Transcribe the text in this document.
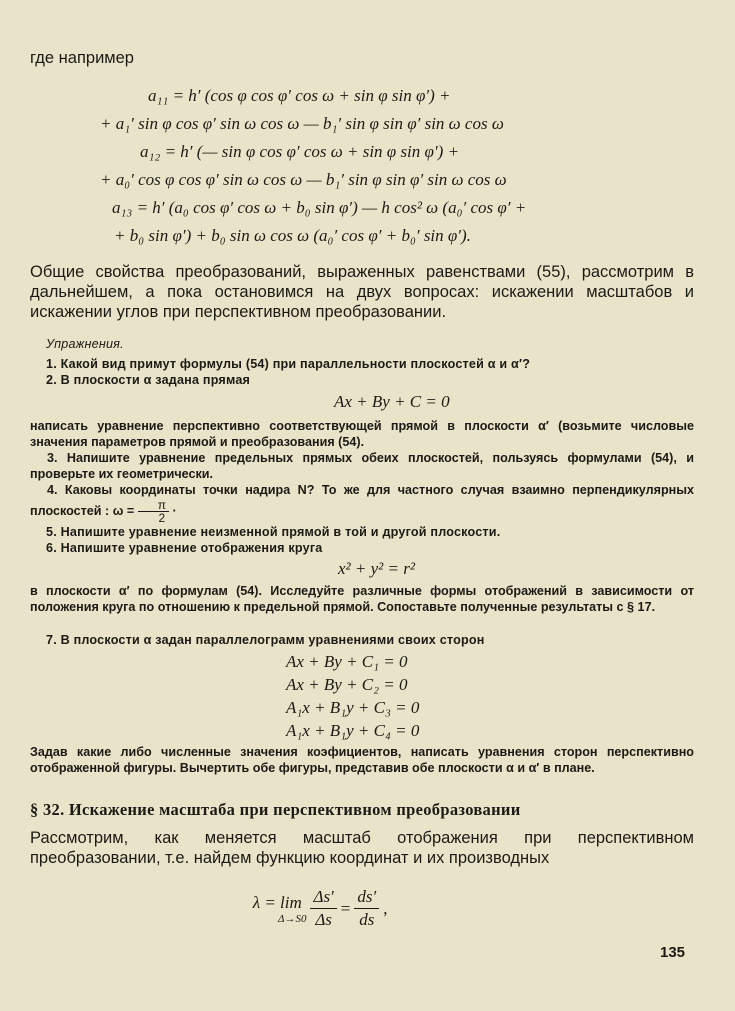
где например
a₁₁ = h′ (cos φ cos φ′ cos ω + sin φ sin φ′) +
+ a₁′ sin φ cos φ′ sin ω cos ω — b₁′ sin φ sin φ′ sin ω cos ω
a₁₂ = h′ (— sin φ cos φ′ cos ω + sin φ sin φ′) +
+ a₀′ cos φ cos φ′ sin ω cos ω — b₁′ sin φ sin φ′ sin ω cos ω
a₁₃ = h′ (a₀ cos φ′ cos ω + b₀ sin φ′) — h cos² ω (a₀′ cos φ′ +
+ b₀ sin φ′) + b₀ sin ω cos ω (a₀′ cos φ′ + b₀′ sin φ′).
Общие свойства преобразований, выраженных равенствами (55), рассмотрим в дальнейшем, а пока остановимся на двух вопросах: искажении масштабов и искажении углов при перспективном преобразовании.
Упражнения.
1. Какой вид примут формулы (54) при параллельности плоскостей α и α′?
2. В плоскости α задана прямая
Ax + By + C = 0
написать уравнение перспективно соответствующей прямой в плоскости α′ (возьмите числовые значения параметров прямой и преобразования (54).
3. Напишите уравнение предельных прямых обеих плоскостей, пользуясь формулами (54), и проверьте их геометрически.
4. Каковы координаты точки надира N? То же для частного случая взаимно перпендикулярных плоскостей : $\omega = \frac{\pi}{2}$ ·
5. Напишите уравнение неизменной прямой в той и другой плоскости.
6. Напишите уравнение отображения круга
x² + y² = r²
в плоскости α′ по формулам (54). Исследуйте различные формы отображений в зависимости от положения круга по отношению к предельной прямой. Сопоставьте полученные результаты с § 17.
7. В плоскости α задан параллелограмм уравнениями своих сторон
Ax + By + C₁ = 0
Ax + By + C₂ = 0
A₁x + B₁y + C₃ = 0
A₁x + B₁y + C₄ = 0
Задав какие либо численные значения коэфициентов, написать уравнения сторон перспективно отображенной фигуры. Вычертить обе фигуры, представив обе плоскости α и α′ в плане.
§ 32. Искажение масштаба при перспективном преобразовании
Рассмотрим, как меняется масштаб отображения при перспективном преобразовании, т.е. найдем функцию координат и их производных
λ = lim
$\Delta\to S0 \frac{\Delta s'}{\Delta s} = \frac{ds'}{ds}$ ,
135
